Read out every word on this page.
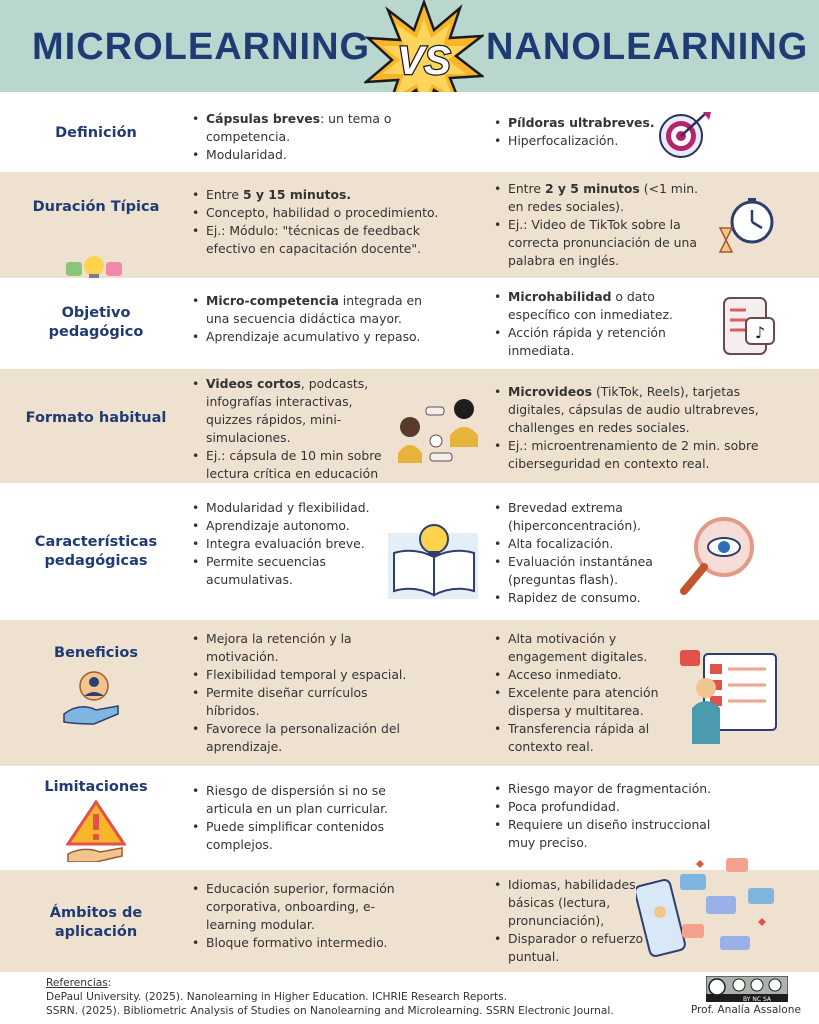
MICROLEARNING	NANOLEARNING
VS
Definición
• Cápsulas breves: un tema o competencia.
• Modularidad.
• Píldoras ultrabreves.
• Hiperfocalización.
Duración Típica
• Entre 5 y 15 minutos.
• Concepto, habilidad o procedimiento.
• Ej.: Módulo: "técnicas de feedback efectivo en capacitación docente".
• Entre 2 y 5 minutos (<1 min. en redes sociales).
• Ej.: Video de TikTok sobre la correcta pronunciación de una palabra en inglés.
Objetivo pedagógico
• Micro-competencia integrada en una secuencia didáctica mayor.
• Aprendizaje acumulativo y repaso.
• Microhabilidad o dato específico con inmediatez.
• Acción rápida y retención inmediata.
♪
Formato habitual
• Videos cortos, podcasts, infografías interactivas, quizzes rápidos, mini-simulaciones.
• Ej.: cápsula de 10 min sobre lectura crítica en educación
• Microvideos (TikTok, Reels), tarjetas digitales, cápsulas de audio ultrabreves, challenges en redes sociales.
• Ej.: microentrenamiento de 2 min. sobre ciberseguridad en contexto real.
Características pedagógicas
• Modularidad y flexibilidad.
• Aprendizaje autonomo.
• Integra evaluación breve.
• Permite secuencias acumulativas.
• Brevedad extrema (hiperconcentración).
• Alta focalización.
• Evaluación instantánea (preguntas flash).
• Rapidez de consumo.
Beneficios
• Mejora la retención y la motivación.
• Flexibilidad temporal y espacial.
• Permite diseñar currículos híbridos.
• Favorece la personalización del aprendizaje.
• Alta motivación y engagement digitales.
• Acceso inmediato.
• Excelente para atención dispersa y multitarea.
• Transferencia rápida al contexto real.
Limitaciones
•	Riesgo de dispersión si no se articula en un plan curricular.
• Puede simplificar contenidos complejos.
• Riesgo mayor de fragmentación.
• Poca profundidad.
• Requiere un diseño instruccional muy preciso.
Ámbitos de aplicación
• Educación superior, formación corporativa, onboarding, e-learning modular.
• Bloque formativo intermedio.
• Idiomas, habilidades básicas (lectura, pronunciación),
• Disparador o refuerzo puntual.
Referencias:
DePaul University. (2025). Nanolearning in Higher Education. ICHRIE Research Reports.
SSRN. (2025). Bibliometric Analysis of Studies on Nanolearning and Microlearning. SSRN Electronic Journal.
BY NC SA
Prof. Analía Assalone
